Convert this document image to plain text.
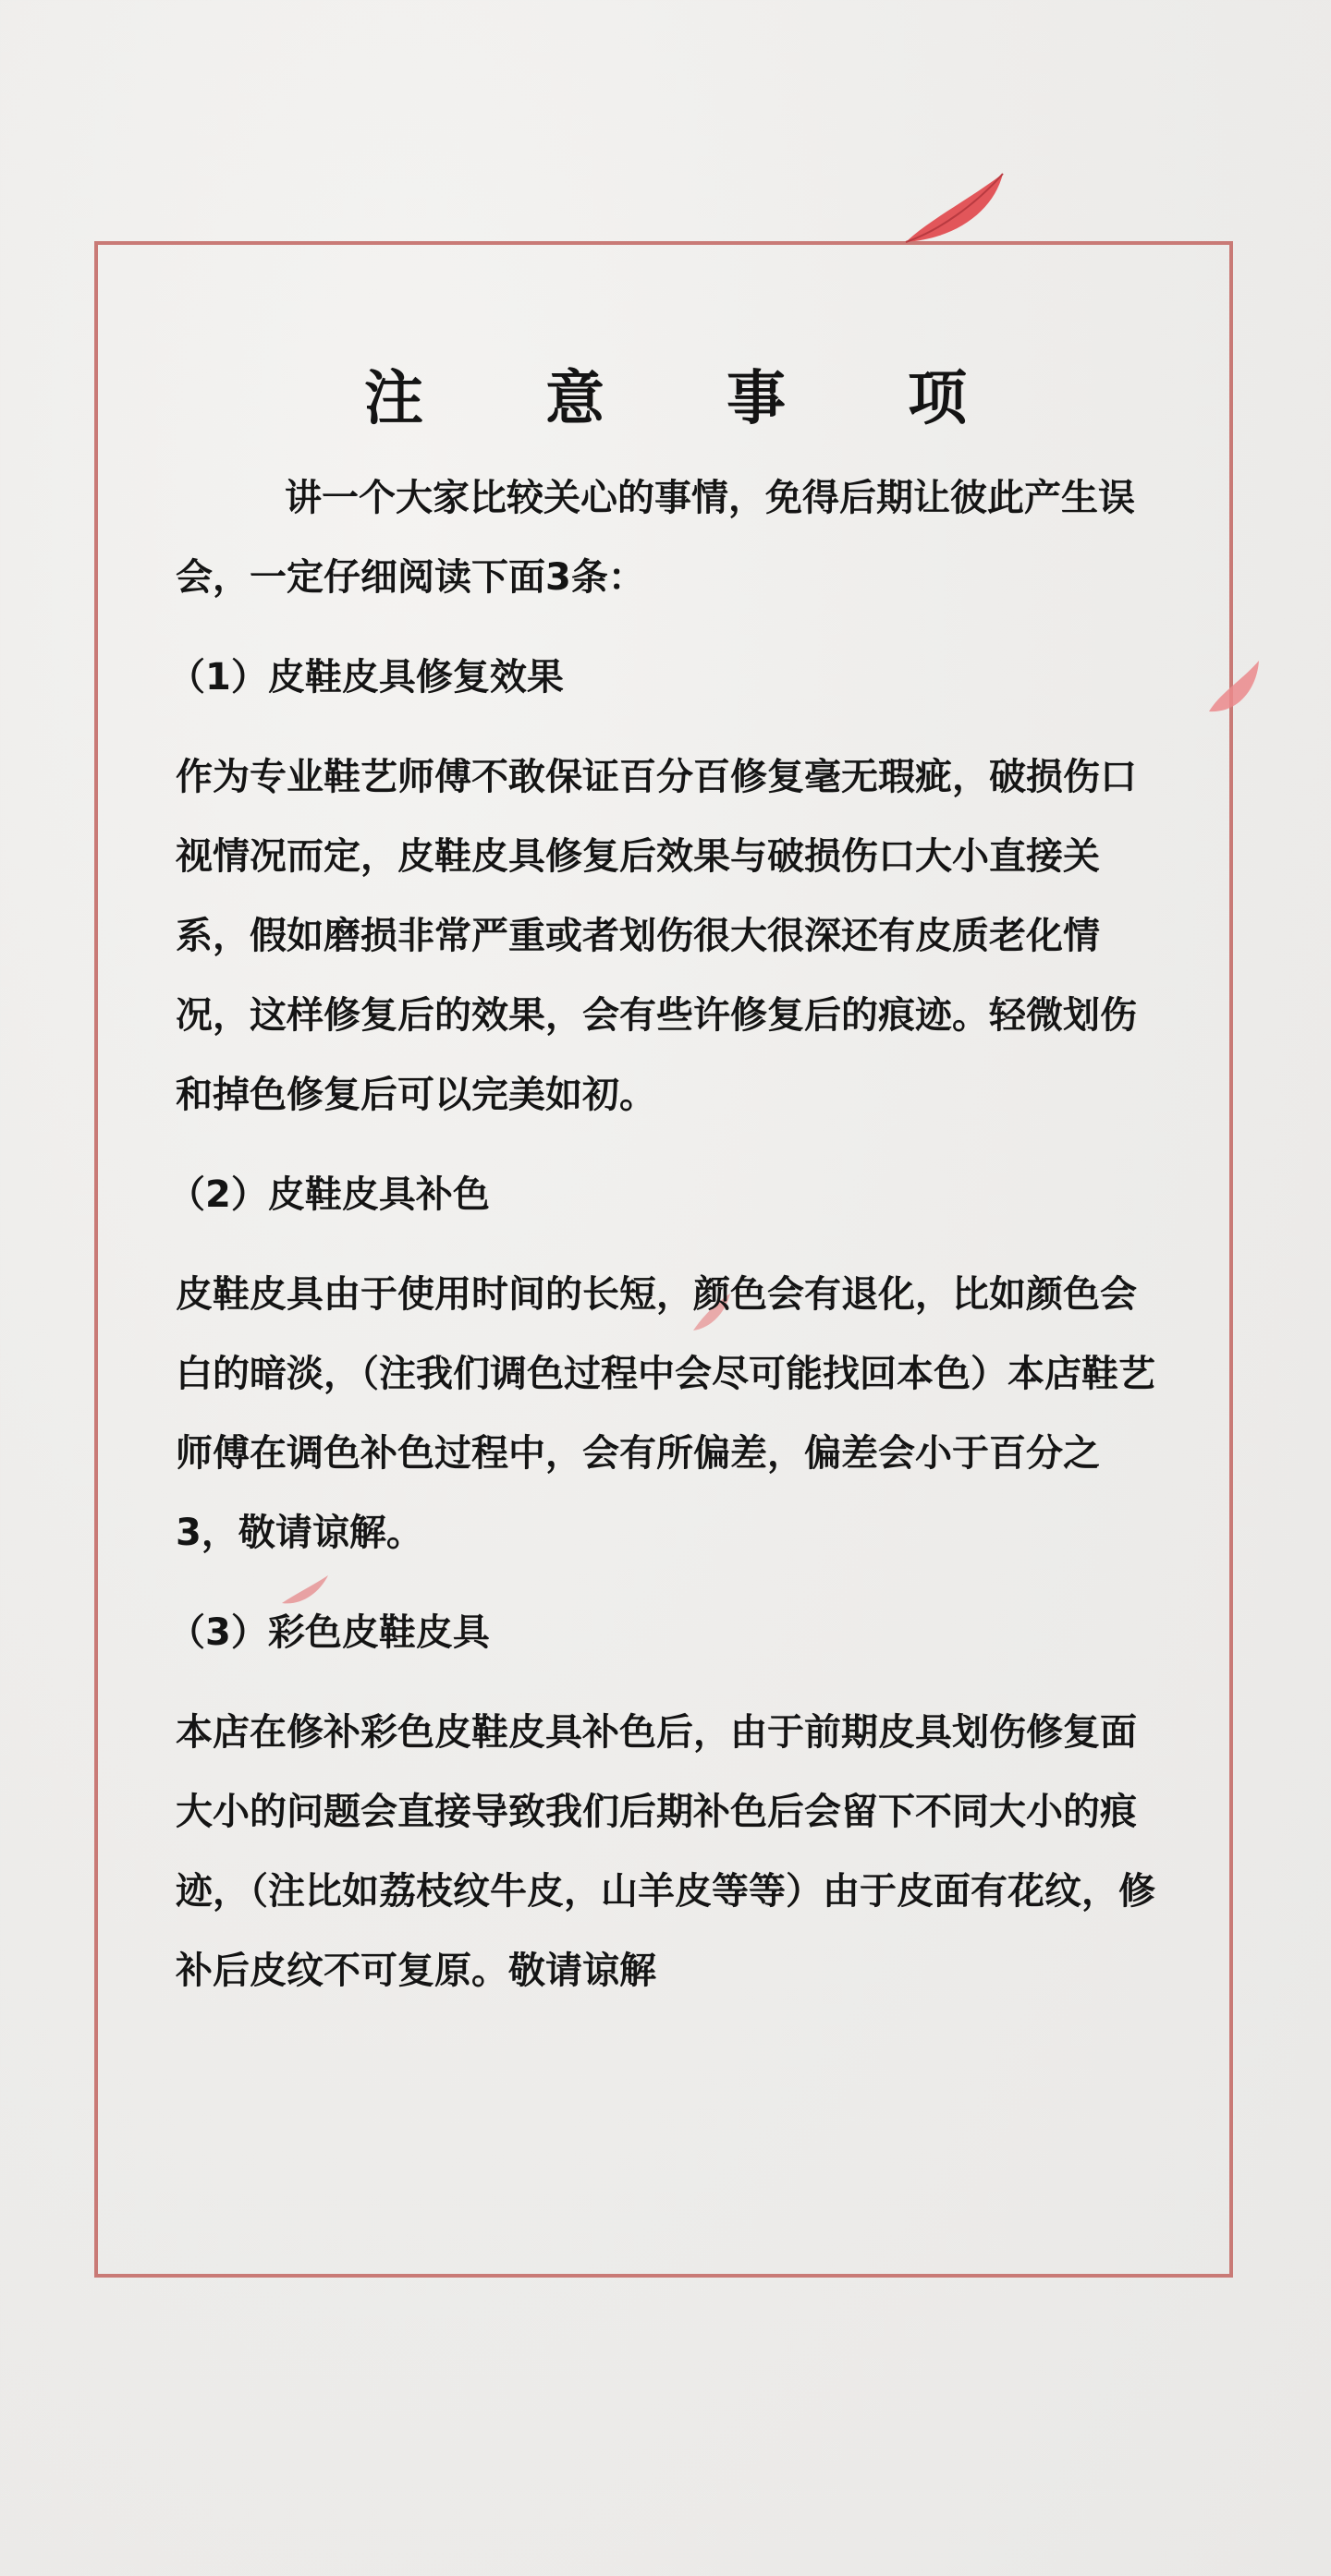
注 意 事 项

讲一个大家比较关心的事情，免得后期让彼此产生误会，一定仔细阅读下面3条：

（1）皮鞋皮具修复效果

作为专业鞋艺师傅不敢保证百分百修复毫无瑕疵，破损伤口视情况而定，皮鞋皮具修复后效果与破损伤口大小直接关系，假如磨损非常严重或者划伤很大很深还有皮质老化情况，这样修复后的效果，会有些许修复后的痕迹。轻微划伤和掉色修复后可以完美如初。

（2）皮鞋皮具补色

皮鞋皮具由于使用时间的长短，颜色会有退化，比如颜色会白的暗淡，（注我们调色过程中会尽可能找回本色）本店鞋艺师傅在调色补色过程中，会有所偏差，偏差会小于百分之3，敬请谅解。

（3）彩色皮鞋皮具

本店在修补彩色皮鞋皮具补色后，由于前期皮具划伤修复面大小的问题会直接导致我们后期补色后会留下不同大小的痕迹，（注比如荔枝纹牛皮，山羊皮等等）由于皮面有花纹，修补后皮纹不可复原。敬请谅解
